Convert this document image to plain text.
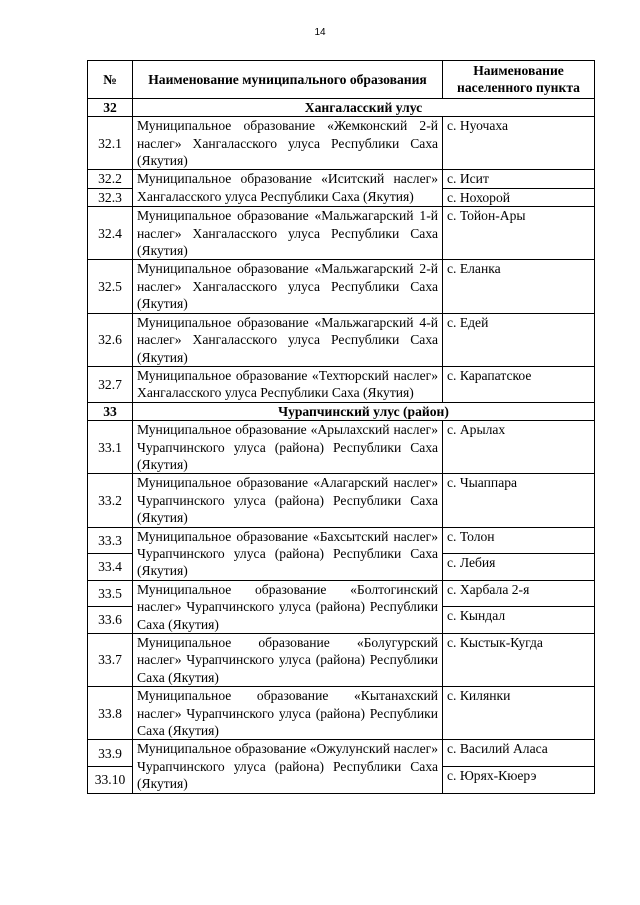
14
№	Наименование муниципального образования	Наименование населенного пункта
32	Хангаласский улус	
32.1	Муниципальное образование «Жемконский 2-й наслег» Хангаласского улуса Республики Саха (Якутия)	с. Нуочаха
32.2	Муниципальное образование «Иситский наслег» Хангаласского улуса Республики Саха (Якутия)	с. Исит
32.3		с. Нохорой
32.4	Муниципальное образование «Мальжагарский 1-й наслег» Хангаласского улуса Республики Саха (Якутия)	с. Тойон-Ары
32.5	Муниципальное образование «Мальжагарский 2-й наслег» Хангаласского улуса Республики Саха (Якутия)	с. Еланка
32.6	Муниципальное образование «Мальжагарский 4-й наслег» Хангаласского улуса Республики Саха (Якутия)	с. Едей
32.7	Муниципальное образование «Техтюрский наслег» Хангаласского улуса Республики Саха (Якутия)	с. Карапатское
33	Чурапчинский улус (район)	
33.1	Муниципальное образование «Арылахский наслег» Чурапчинского улуса (района) Республики Саха (Якутия)	с. Арылах
33.2	Муниципальное образование «Алагарский наслег» Чурапчинского улуса (района) Республики Саха (Якутия)	с. Чыаппара
33.3	Муниципальное образование «Бахсытский наслег» Чурапчинского улуса (района) Республики Саха (Якутия)	с. Толон
33.4		с. Лебия
33.5	Муниципальное образование «Болтогинский наслег» Чурапчинского улуса (района) Республики Саха (Якутия)	с. Харбала 2-я
33.6		с. Кындал
33.7	Муниципальное образование «Болугурский наслег» Чурапчинского улуса (района) Республики Саха (Якутия)	с. Кыстык-Кугда
33.8	Муниципальное образование «Кытанахский наслег» Чурапчинского улуса (района) Республики Саха (Якутия)	с. Килянки
33.9	Муниципальное образование «Ожулунский наслег» Чурапчинского улуса (района) Республики Саха (Якутия)	с. Василий Аласа
33.10		с. Юрях-Кюерэ
